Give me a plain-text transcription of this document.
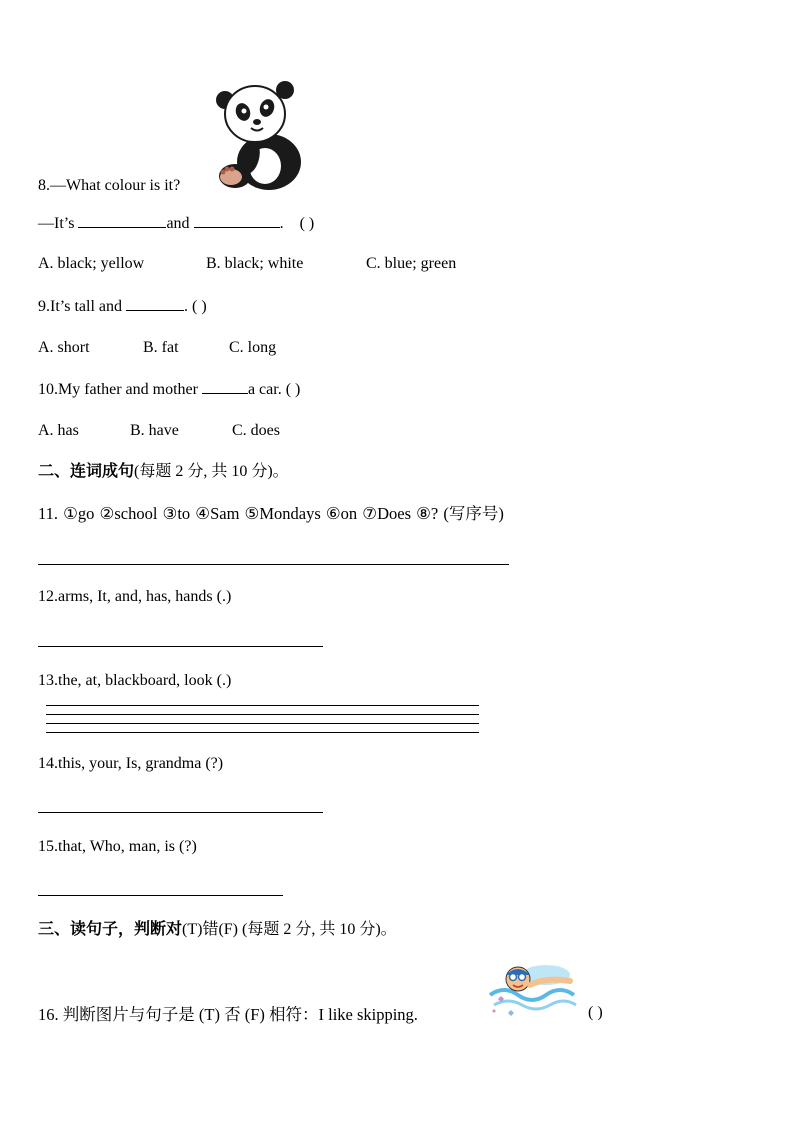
8.—What colour is it?
—It’s	and	. ( )
A. black; yellow	B. black; white	C. blue; green
9.It’s tall and	. ( )
A. short	B. fat	C. long
10.My father and mother	a car. ( )
A. has	B. have	C. does
二、连词成句(每题 2 分, 共 10 分)。
11. ①go ②school ③to ④Sam ⑤Mondays ⑥on ⑦Does ⑧? (写序号)
12.arms, It, and, has, hands (.)
13.the, at, blackboard, look (.)
14.this, your, Is, grandma (?)
15.that, Who, man, is (?)
三、读句子，判断对(T)错(F) (每题 2 分, 共 10 分)。
16. 判断图片与句子是 (T) 否 (F) 相符：I like skipping.	( )
